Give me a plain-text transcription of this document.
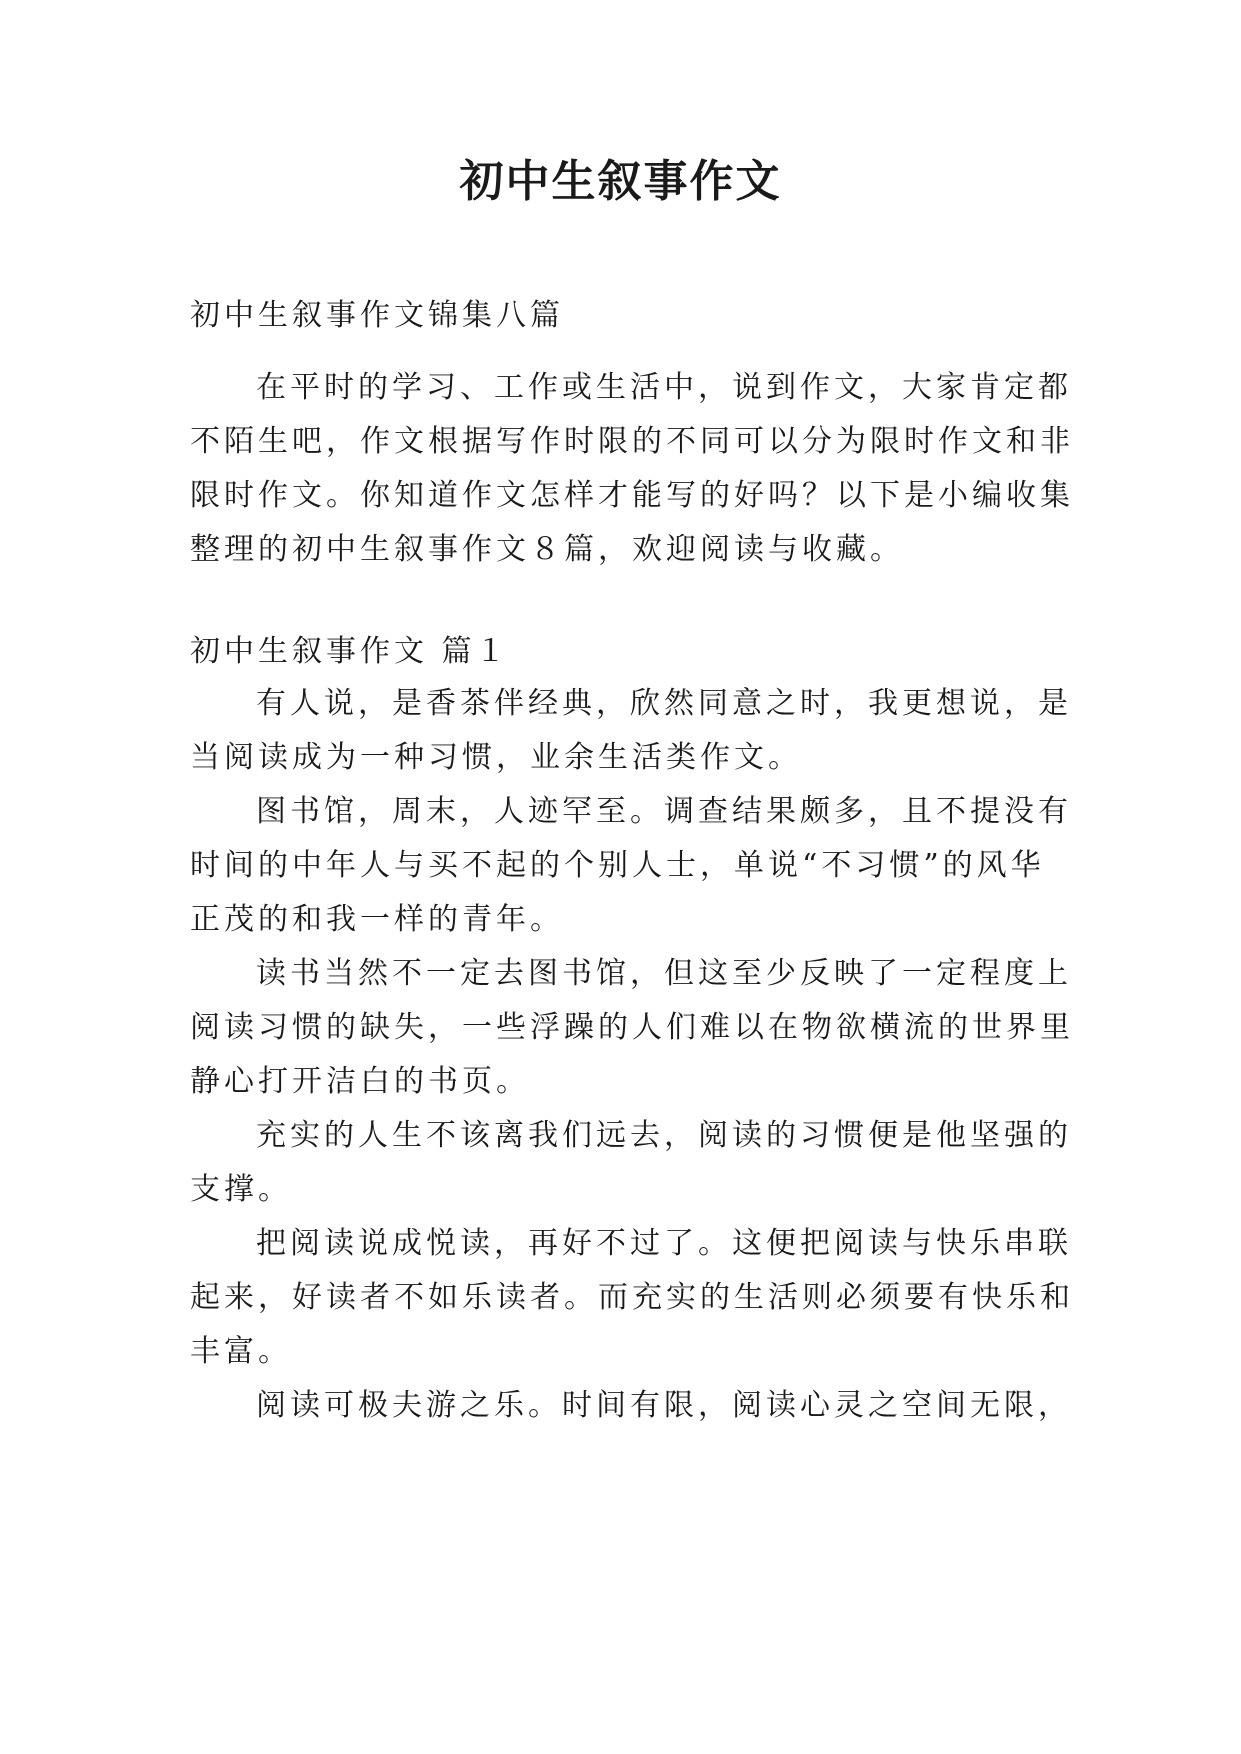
初中生叙事作文
初中生叙事作文锦集八篇
在平时的学习、工作或生活中，说到作文，大家肯定都
不陌生吧，作文根据写作时限的不同可以分为限时作文和非
限时作文。你知道作文怎样才能写的好吗？以下是小编收集
整理的初中生叙事作文８篇，欢迎阅读与收藏。
初中生叙事作文 篇１
有人说，是香茶伴经典，欣然同意之时，我更想说，是
当阅读成为一种习惯，业余生活类作文。
图书馆，周末，人迹罕至。调查结果颇多，且不提没有
时间的中年人与买不起的个别人士，单说“不习惯”的风华
正茂的和我一样的青年。
读书当然不一定去图书馆，但这至少反映了一定程度上
阅读习惯的缺失，一些浮躁的人们难以在物欲横流的世界里
静心打开洁白的书页。
充实的人生不该离我们远去，阅读的习惯便是他坚强的
支撑。
把阅读说成悦读，再好不过了。这便把阅读与快乐串联
起来，好读者不如乐读者。而充实的生活则必须要有快乐和
丰富。
阅读可极夫游之乐。时间有限，阅读心灵之空间无限，
